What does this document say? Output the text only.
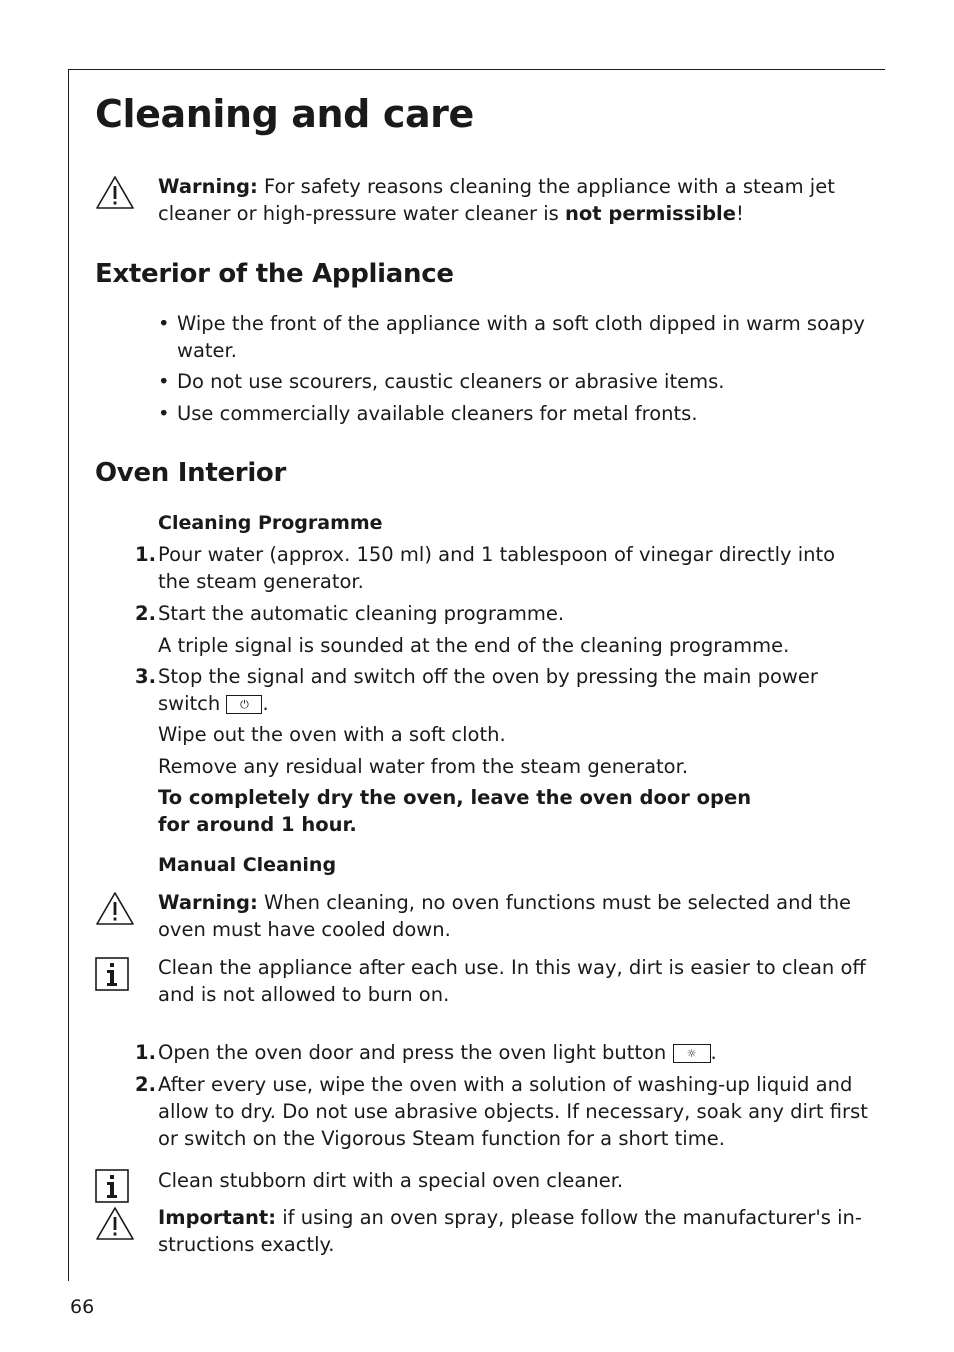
Cleaning and care

Warning: For safety reasons cleaning the appliance with a steam jet cleaner or high-pressure water cleaner is not permissible!

Exterior of the Appliance
• Wipe the front of the appliance with a soft cloth dipped in warm soapy water.
• Do not use scourers, caustic cleaners or abrasive items.
• Use commercially available cleaners for metal fronts.
Oven Interior
Cleaning Programme
1. Pour water (approx. 150 ml) and 1 tablespoon of vinegar directly into the steam generator.

2. Start the automatic cleaning programme.

A triple signal is sounded at the end of the cleaning programme.

3. Stop the signal and switch off the oven by pressing the main power switch ⏻ .

Wipe out the oven with a soft cloth.

Remove any residual water from the steam generator.

To completely dry the oven, leave the oven door open for around 1 hour.

Manual Cleaning

Warning: When cleaning, no oven functions must be selected and the oven must have cooled down.

Clean the appliance after each use. In this way, dirt is easier to clean off and is not allowed to burn on.

1. Open the oven door and press the oven light button ☼ .

2. After every use, wipe the oven with a solution of washing-up liquid and allow to dry. Do not use abrasive objects. If necessary, soak any dirt first or switch on the Vigorous Steam function for a short time.

Clean stubborn dirt with a special oven cleaner.

Important: if using an oven spray, please follow the manufacturer's in-structions exactly.

66
